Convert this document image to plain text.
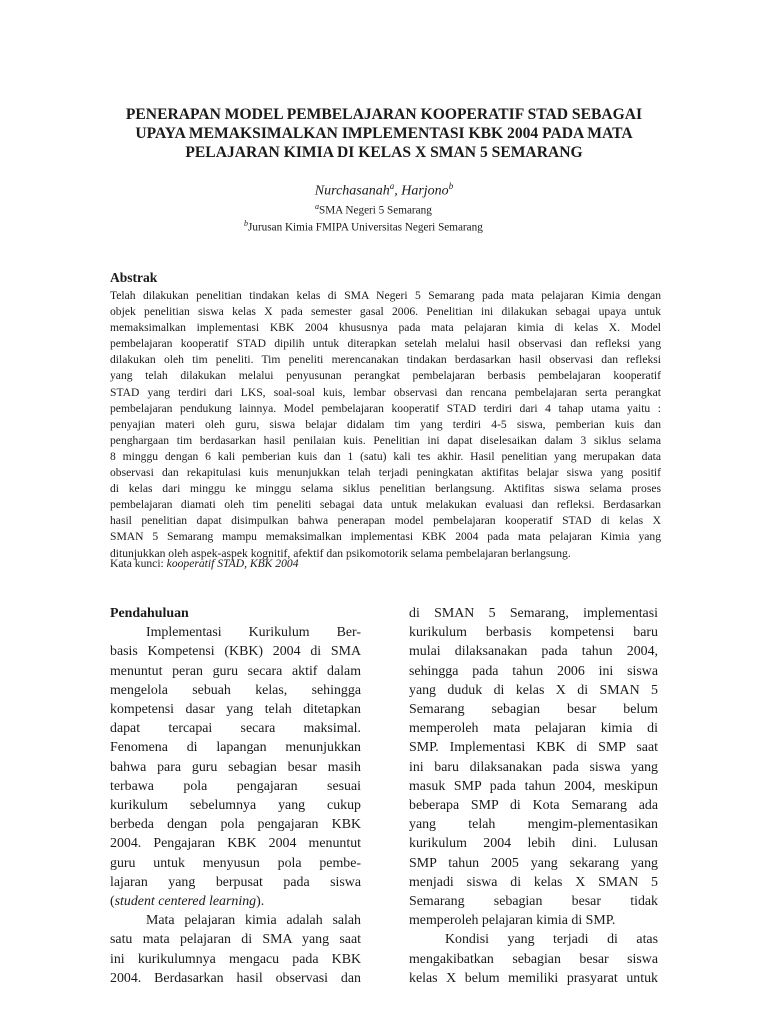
PENERAPAN MODEL PEMBELAJARAN KOOPERATIF STAD SEBAGAI
UPAYA MEMAKSIMALKAN IMPLEMENTASI KBK 2004 PADA MATA
PELAJARAN KIMIA DI KELAS X SMAN 5 SEMARANG
Nurchasanah$^a$, Harjono$^b$
$^a$SMA Negeri 5 Semarang
$^b$Jurusan Kimia FMIPA Universitas Negeri Semarang
Abstrak
Telah dilakukan penelitian tindakan kelas di SMA Negeri 5 Semarang pada mata pelajaran Kimia dengan
objek penelitian siswa kelas X pada semester gasal 2006. Penelitian ini dilakukan sebagai upaya untuk
memaksimalkan implementasi KBK 2004 khususnya pada mata pelajaran kimia di kelas X. Model
pembelajaran kooperatif STAD dipilih untuk diterapkan setelah melalui hasil observasi dan refleksi yang
dilakukan oleh tim peneliti. Tim peneliti merencanakan tindakan berdasarkan hasil observasi dan refleksi
yang telah dilakukan melalui penyusunan perangkat pembelajaran berbasis pembelajaran kooperatif
STAD yang terdiri dari LKS, soal-soal kuis, lembar observasi dan rencana pembelajaran serta perangkat
pembelajaran pendukung lainnya. Model pembelajaran kooperatif STAD terdiri dari 4 tahap utama yaitu :
penyajian materi oleh guru, siswa belajar didalam tim yang terdiri 4-5 siswa, pemberian kuis dan
penghargaan tim berdasarkan hasil penilaian kuis. Penelitian ini dapat diselesaikan dalam 3 siklus selama
8 minggu dengan 6 kali pemberian kuis dan 1 (satu) kali tes akhir. Hasil penelitian yang merupakan data
observasi dan rekapitulasi kuis menunjukkan telah terjadi peningkatan aktifitas belajar siswa yang positif
di kelas dari minggu ke minggu selama siklus penelitian berlangsung. Aktifitas siswa selama proses
pembelajaran diamati oleh tim peneliti sebagai data untuk melakukan evaluasi dan refleksi. Berdasarkan
hasil penelitian dapat disimpulkan bahwa penerapan model pembelajaran kooperatif STAD di kelas X
SMAN 5 Semarang mampu memaksimalkan implementasi KBK 2004 pada mata pelajaran Kimia yang
ditunjukkan oleh aspek-aspek kognitif, afektif dan psikomotorik selama pembelajaran berlangsung.
Kata kunci: kooperatif STAD, KBK 2004
Pendahuluan
Implementasi Kurikulum Ber-
basis Kompetensi (KBK) 2004 di SMA
menuntut peran guru secara aktif dalam
mengelola sebuah kelas, sehingga
kompetensi dasar yang telah ditetapkan
dapat tercapai secara maksimal.
Fenomena di lapangan menunjukkan
bahwa para guru sebagian besar masih
terbawa pola pengajaran sesuai
kurikulum sebelumnya yang cukup
berbeda dengan pola pengajaran KBK
2004. Pengajaran KBK 2004 menuntut
guru untuk menyusun pola pembe-
lajaran yang berpusat pada siswa
(student centered learning).
Mata pelajaran kimia adalah salah
satu mata pelajaran di SMA yang saat
ini kurikulumnya mengacu pada KBK
2004. Berdasarkan hasil observasi dan
di SMAN 5 Semarang, implementasi
kurikulum berbasis kompetensi baru
mulai dilaksanakan pada tahun 2004,
sehingga pada tahun 2006 ini siswa
yang duduk di kelas X di SMAN 5
Semarang sebagian besar belum
memperoleh mata pelajaran kimia di
SMP. Implementasi KBK di SMP saat
ini baru dilaksanakan pada siswa yang
masuk SMP pada tahun 2004, meskipun
beberapa SMP di Kota Semarang ada
yang telah mengim-plementasikan
kurikulum 2004 lebih dini. Lulusan
SMP tahun 2005 yang sekarang yang
menjadi siswa di kelas X SMAN 5
Semarang sebagian besar tidak
memperoleh pelajaran kimia di SMP.
Kondisi yang terjadi di atas
mengakibatkan sebagian besar siswa
kelas X belum memiliki prasyarat untuk
